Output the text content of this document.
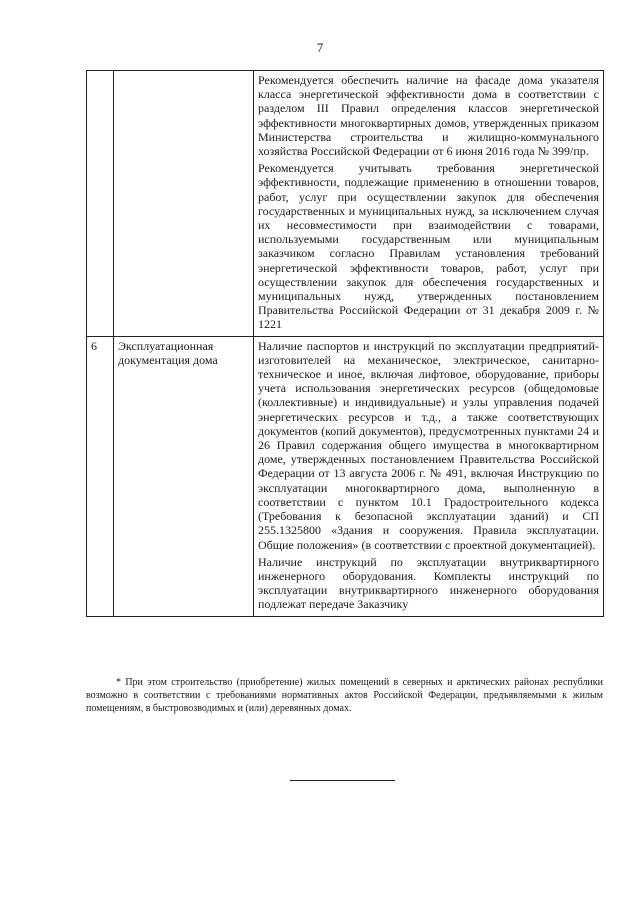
7

		Рекомендуется обеспечить наличие на фасаде дома указателя класса энергетической эффективности дома в соответствии с разделом III Правил определения классов энергетической эффективности многоквартирных домов, утвержденных приказом Министерства строительства и жилищно-коммунального хозяйства Российской Федерации от 6 июня 2016 года № 399/пр.

Рекомендуется учитывать требования энергетической эффективности, подлежащие применению в отношении товаров, работ, услуг при осуществлении закупок для обеспечения государственных и муниципальных нужд, за исключением случая их несовместимости при взаимодействии с товарами, используемыми государственным или муниципальным заказчиком согласно Правилам установления требований энергетической эффективности товаров, работ, услуг при осуществлении закупок для обеспечения государственных и муниципальных нужд, утвержденных постановлением Правительства Российской Федерации от 31 декабря 2009 г. № 1221

6	Эксплуатационная документация дома	Наличие паспортов и инструкций по эксплуатации предприятий-изготовителей на механическое, электрическое, санитарно-техническое и иное, включая лифтовое, оборудование, приборы учета использования энергетических ресурсов (общедомовые (коллективные) и индивидуальные) и узлы управления подачей энергетических ресурсов и т.д., а также соответствующих документов (копий документов), предусмотренных пунктами 24 и 26 Правил содержания общего имущества в многоквартирном доме, утвержденных постановлением Правительства Российской Федерации от 13 августа 2006 г. № 491, включая Инструкцию по эксплуатации многоквартирного дома, выполненную в соответствии с пунктом 10.1 Градостроительного кодекса (Требования к безопасной эксплуатации зданий) и СП 255.1325800 «Здания и сооружения. Правила эксплуатации. Общие положения» (в соответствии с проектной документацией).

Наличие инструкций по эксплуатации внутриквартирного инженерного оборудования. Комплекты инструкций по эксплуатации внутриквартирного инженерного оборудования подлежат передаче Заказчику

* При этом строительство (приобретение) жилых помещений в северных и арктических районах республики возможно в соответствии с требованиями нормативных актов Российской Федерации, предъявляемыми к жилым помещениям, в быстровозводимых и (или) деревянных домах.
